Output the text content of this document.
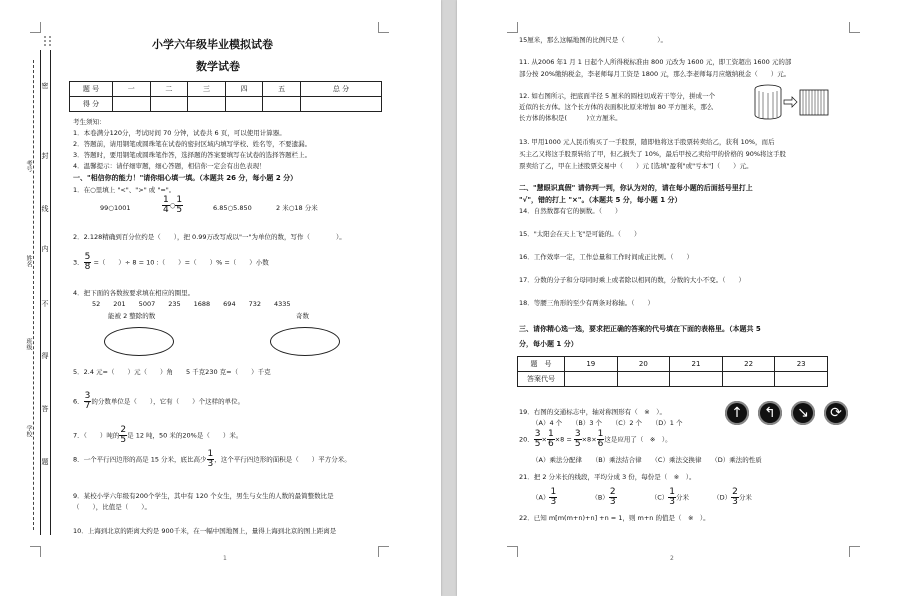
密
封
线
内
不
得
答
题
考号
姓名
班级
学校
小学六年级毕业模拟试卷
数学试卷
题 号	一	二	三	四	五	总 分
得 分						
考生须知：
1．本卷满分120分，考试时间 70 分钟，试卷共 6 页，可以使用计算器。
2．答题前，请用钢笔或圆珠笔在试卷的密封区域内填写学校、姓名等，不要遗漏。
3．答题时，要用钢笔或圆珠笔作答，选择题的答案要填写在试卷的选择答题栏上。
4．温馨提示：请仔细审题，细心答题，相信你一定会有出色表现！
一、"相信你的能力！"请你细心填一填。（本题共 26 分，每小题 2 分）
1．在○里填上 "<"、">" 或 "="。
99○1001	$\frac{1}{4}$ ○ $\frac{1}{5}$	6.85○5.850	2 米○18 分米
2．2.128精确到百分位约是（　　），把 0.99万改写成以"一"为单位的数，写作（　　　　）。
3． $\frac{5}{8}$ =（　　）÷ 8 = 10 :（　　）=（　　）% =（　　）小数
4．把下面的各数按要求填在相应的圈里。
52　　201　　5007　　235　　1688　　694　　732　　4335
能被 2 整除的数	奇数
5．2.4 元=（　　）元（　　）角　　5 千克230 克=（　　）千克
6． $\frac{3}{7}$ 的分数单位是（　　），它有（　　）个这样的单位。
7．（　　）吨的 $\frac{2}{5}$ 是 12 吨，50 米的20%是（　　）米。
8．一个平行四边形的高是 15 分米，底比高少 $\frac{1}{3}$ ，这个平行四边形的面积是（　　）平方分米。
9．某校小学六年级有200个学生，其中有 120 个女生，男生与女生的人数的最简整数比是
（　　），比值是（　　）。
10．上海到北京的距离大约是 900千米，在一幅中国地图上，量得上海到北京的图上距离是
1
15厘米，那么这幅地图的比例尺是（　　　　　）。
11. 从2006 年1 月 1 日起个人所得税标准由 800 元改为 1600 元，即工资超出 1600 元的部
部分按 20%缴纳税金，李老师每月工资是 1800 元，那么李老师每月应缴纳税金（　　）元。
12. 如右图所示，把底面半径 5 厘米的圆柱切成若干等分，拼成一个
近似的长方体。这个长方体的表面积比原来增加 80 平方厘米，那么
长方体的体积是(　　　)立方厘米。
13. 甲用1000 元人民币购买了一手股票，随即他将这手股票转卖给乙，获利 10%，而后
买主乙又将这手股票转给了甲，但乙损失了 10%，最后甲按乙卖给甲的价格的 90%将这手股
票卖给了乙，甲在上述股票交易中（　　）元 [选填"盈利"或"亏本"]（　　）元。
二、"慧眼识真假" 请你判一判，你认为对的，请在每小题的后面括号里打上
"√"，错的打上 "×"。（本题共 5 分，每小题 1 分）
14．自然数都有它的倒数。（　　）
15．"太阳会在天上飞"是可能的。（　　）
16．工作效率一定，工作总量和工作时间成正比例。（　　）
17．分数的分子和分母同时乘上或者除以相同的数，分数的大小不变。（　　）
18．等腰三角形的至少有两条对称轴。（　　）
三、请你精心选一选，要求把正确的答案的代号填在下面的表格里。（本题共 5
分，每小题 1 分）
题　号	19	20	21	22	23
答案代号					
↑	↰	↘	⟳
19．右图的交通标志中，轴对称图形有（　※　）。
（A）4 个　　（B）3 个　　（C）2 个　　（D）1 个
20． $\frac{3}{5} \times \frac{1}{6} \times 8 = \frac{3}{5} \times 8\times \frac{1}{6}$ 这是应用了（　※　）。
（A）乘法分配律　　（B）乘法结合律　　（C）乘法交换律　　（D）乘法的性质
21．把 2 分米长的线段，平均分成 3 份，每份是（　※　）。
$(A) \frac{1}{3}$	$(B) \frac{2}{3}$	$(C) \frac{1}{3}$ 分米	$(D) \frac{2}{3}$ 分米
22．已知 m[m(m+n)+n] +n = 1，则 m+n 的值是（　※　）。
2
